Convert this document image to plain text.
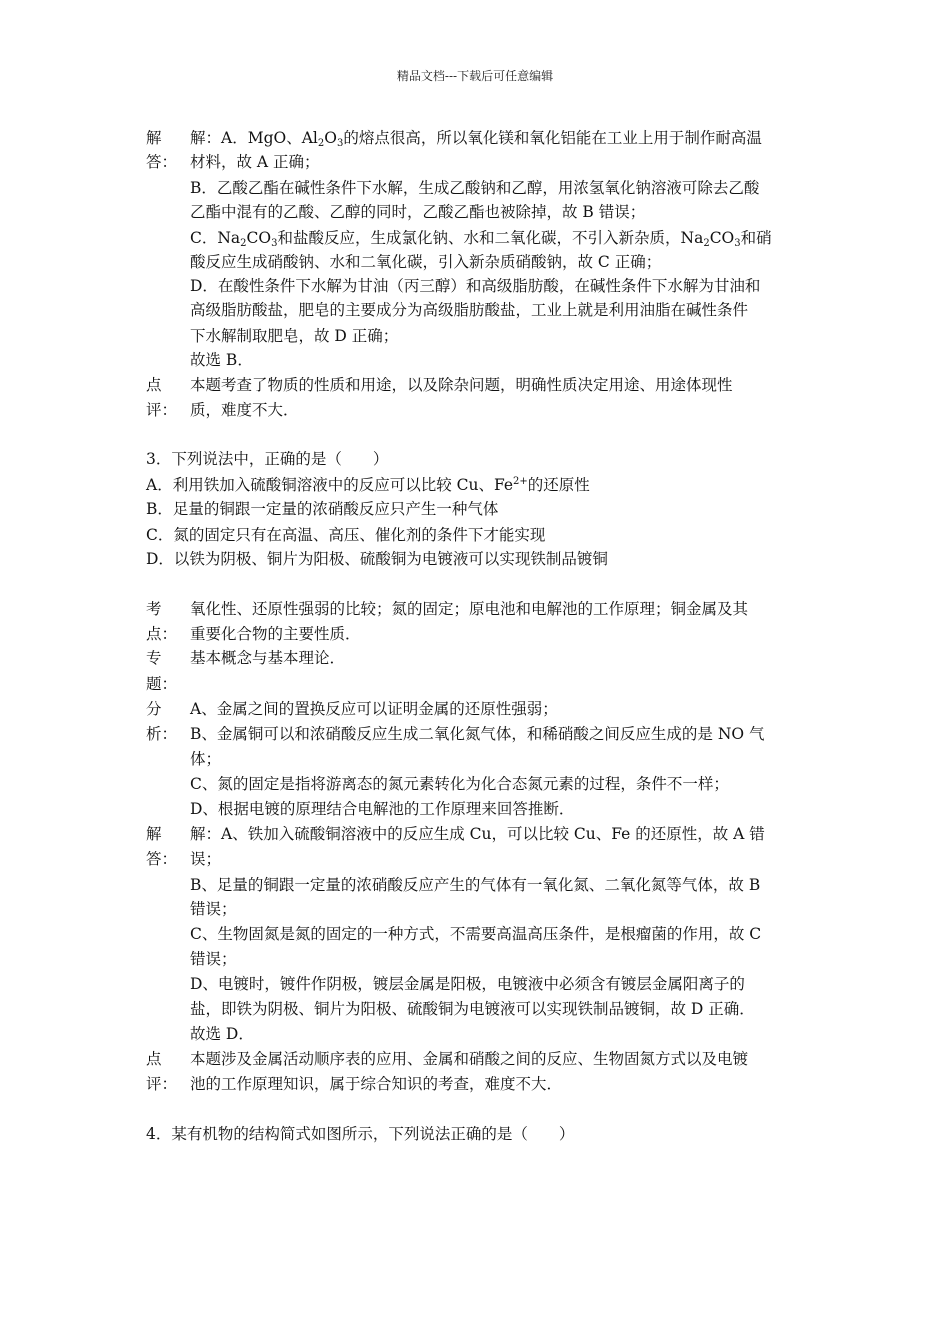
精品文档---下载后可任意编辑
解
答：
解：A．MgO、$Al_2O_3$的熔点很高，所以氧化镁和氧化铝能在工业上用于制作耐高温
材料，故 A 正确；
B．乙酸乙酯在碱性条件下水解，生成乙酸钠和乙醇，用浓氢氧化钠溶液可除去乙酸
乙酯中混有的乙酸、乙醇的同时，乙酸乙酯也被除掉，故 B 错误；
C．$Na_2CO_3$和盐酸反应，生成氯化钠、水和二氧化碳，不引入新杂质，$Na_2CO_3$和硝
酸反应生成硝酸钠、水和二氧化碳，引入新杂质硝酸钠，故 C 正确；
D．在酸性条件下水解为甘油（丙三醇）和高级脂肪酸，在碱性条件下水解为甘油和
高级脂肪酸盐，肥皂的主要成分为高级脂肪酸盐，工业上就是利用油脂在碱性条件
下水解制取肥皂，故 D 正确；
故选 B．
点
评：
本题考查了物质的性质和用途，以及除杂问题，明确性质决定用途、用途体现性
质，难度不大．
3．下列说法中，正确的是（　　）
A．利用铁加入硫酸铜溶液中的反应可以比较 Cu、$Fe^{2+}$的还原性
B．足量的铜跟一定量的浓硝酸反应只产生一种气体
C．氮的固定只有在高温、高压、催化剂的条件下才能实现
D．以铁为阴极、铜片为阳极、硫酸铜为电镀液可以实现铁制品镀铜
考
点：
氧化性、还原性强弱的比较；氮的固定；原电池和电解池的工作原理；铜金属及其
重要化合物的主要性质．
专
题：
基本概念与基本理论．
分
析：
A、金属之间的置换反应可以证明金属的还原性强弱；
B、金属铜可以和浓硝酸反应生成二氧化氮气体，和稀硝酸之间反应生成的是 NO 气
体；
C、氮的固定是指将游离态的氮元素转化为化合态氮元素的过程，条件不一样；
D、根据电镀的原理结合电解池的工作原理来回答推断．
解
答：
解：A、铁加入硫酸铜溶液中的反应生成 Cu，可以比较 Cu、Fe 的还原性，故 A 错
误；
B、足量的铜跟一定量的浓硝酸反应产生的气体有一氧化氮、二氧化氮等气体，故 B
错误；
C、生物固氮是氮的固定的一种方式，不需要高温高压条件，是根瘤菌的作用，故 C
错误；
D、电镀时，镀件作阴极，镀层金属是阳极，电镀液中必须含有镀层金属阳离子的
盐，即铁为阴极、铜片为阳极、硫酸铜为电镀液可以实现铁制品镀铜，故 D 正确．
故选 D．
点
评：
本题涉及金属活动顺序表的应用、金属和硝酸之间的反应、生物固氮方式以及电镀
池的工作原理知识，属于综合知识的考查，难度不大．
4．某有机物的结构简式如图所示，下列说法正确的是（　　）
